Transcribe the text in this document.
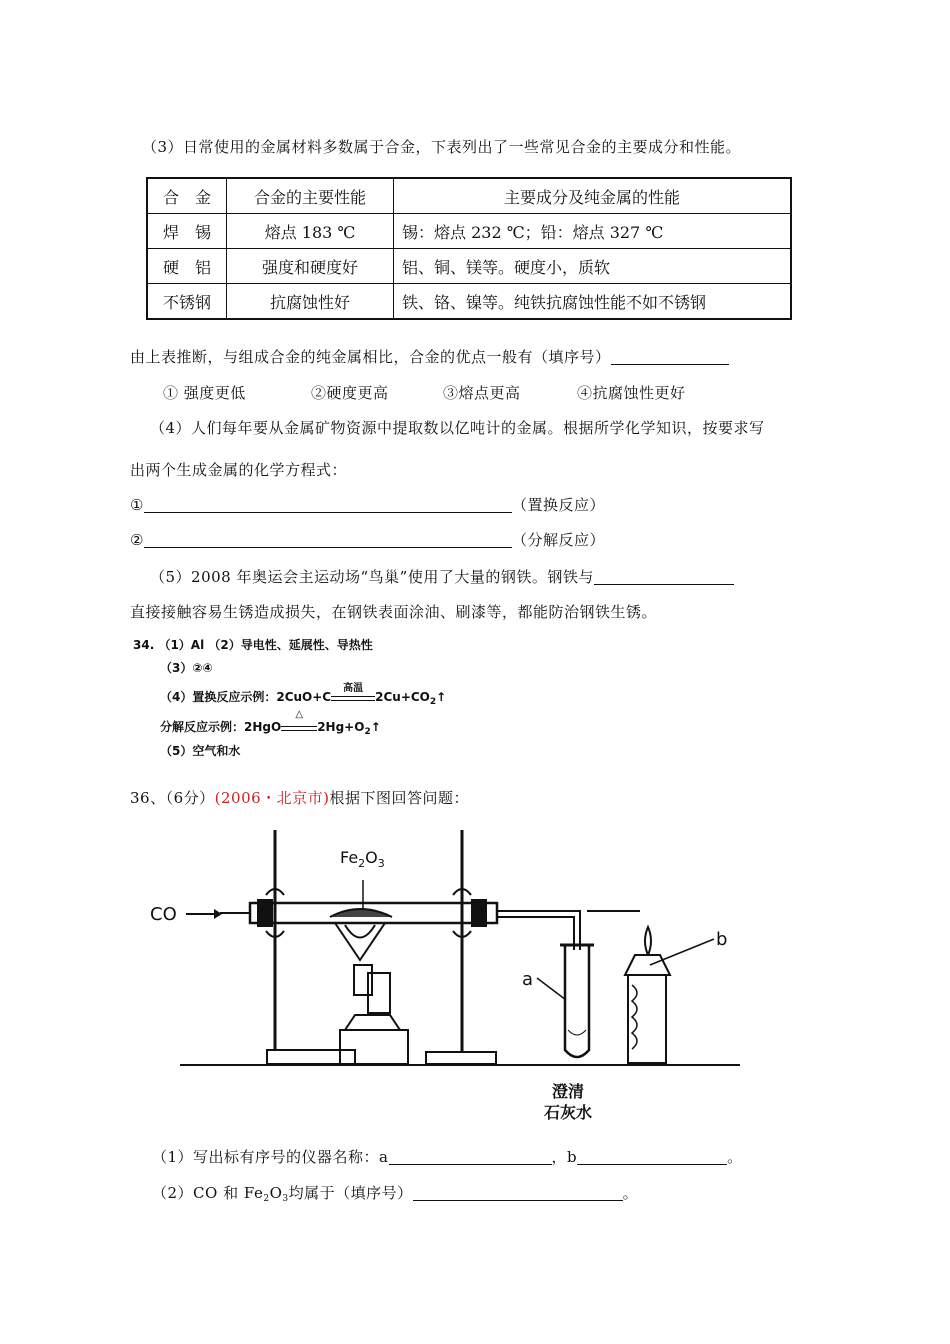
（3）日常使用的金属材料多数属于合金，下表列出了一些常见合金的主要成分和性能。
合　金	合金的主要性能	主要成分及纯金属的性能
焊　锡	熔点 183 ℃	锡：熔点 232 ℃；铅：熔点 327 ℃
硬　铝	强度和硬度好	铝、铜、镁等。硬度小，质软
不锈钢	抗腐蚀性好	铁、铬、镍等。纯铁抗腐蚀性能不如不锈钢
由上表推断，与组成合金的纯金属相比，合金的优点一般有（填序号）
① 强度更低	②硬度更高	③熔点更高	④抗腐蚀性更好
（4）人们每年要从金属矿物资源中提取数以亿吨计的金属。根据所学化学知识，按要求写
出两个生成金属的化学方程式：
①	（置换反应）
②	（分解反应）
（5）2008 年奥运会主运动场“鸟巢”使用了大量的钢铁。钢铁与
直接接触容易生锈造成损失，在钢铁表面涂油、刷漆等，都能防治钢铁生锈。
34. （1）Al （2）导电性、延展性、导热性
（3）②④
（4）置换反应示例：2CuO+C
高温
$2Cu+CO_2↑$
分解反应示例：2HgO
△
$2Hg+O_2↑$
（5）空气和水
36、（6分）(2006・北京市)根据下图回答问题：
CO
$Fe_2O_3$
a
b
澄清
石灰水
（1）写出标有序号的仪器名称：a	，b	。
（2）CO 和 $Fe_2O_3$均属于（填序号）	。
